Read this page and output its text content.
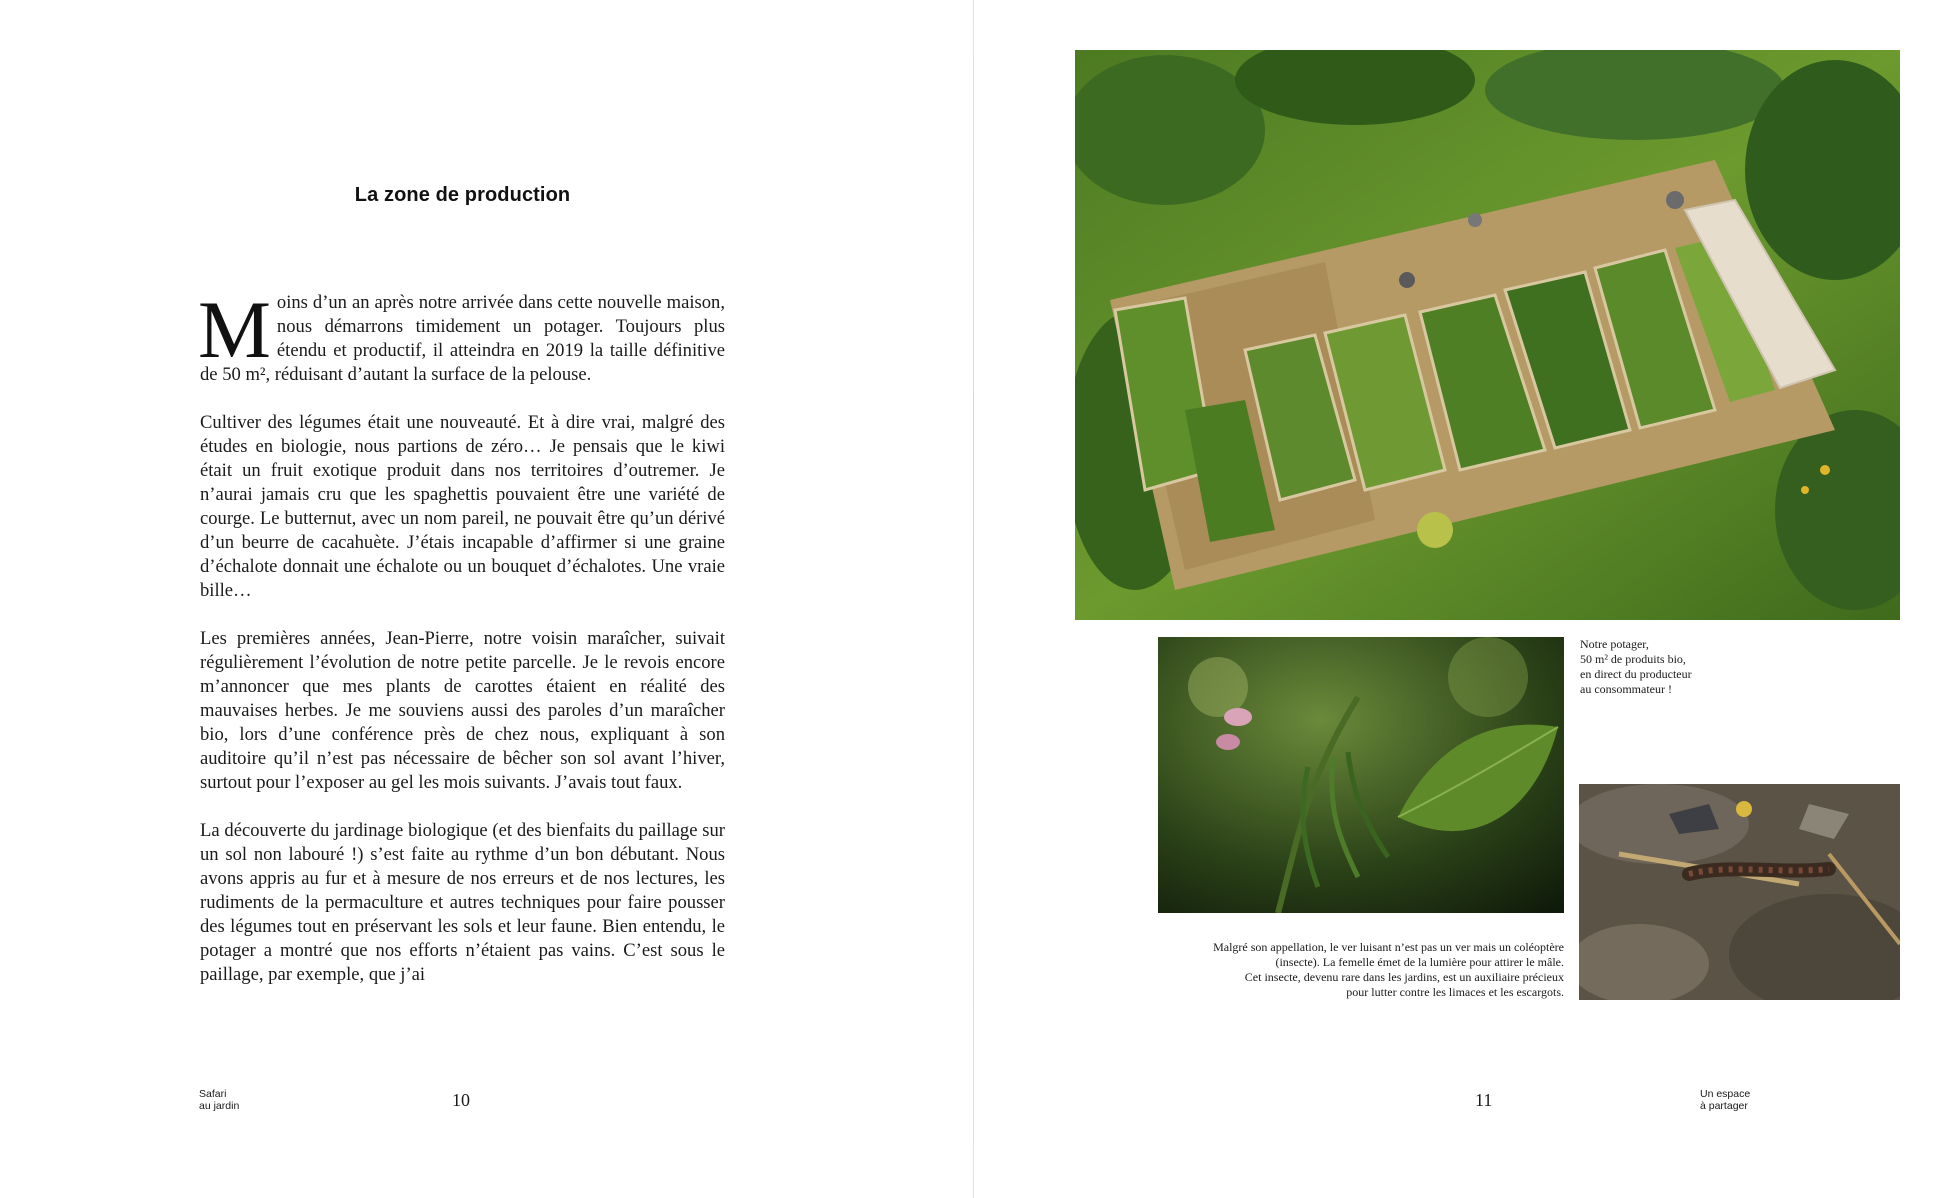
La zone de production

Moins d’un an après notre arrivée dans cette nouvelle maison, nous démarrons timidement un potager. Toujours plus étendu et productif, il atteindra en 2019 la taille définitive de 50 m², réduisant d’autant la surface de la pelouse.

Cultiver des légumes était une nouveauté. Et à dire vrai, malgré des études en biologie, nous partions de zéro… Je pensais que le kiwi était un fruit exotique produit dans nos territoires d’outremer. Je n’aurai jamais cru que les spaghettis pouvaient être une variété de courge. Le butternut, avec un nom pareil, ne pouvait être qu’un dérivé d’un beurre de cacahuète. J’étais incapable d’affirmer si une graine d’échalote donnait une échalote ou un bouquet d’échalotes. Une vraie bille…

Les premières années, Jean-Pierre, notre voisin maraîcher, suivait régulièrement l’évolution de notre petite parcelle. Je le revois encore m’annoncer que mes plants de carottes étaient en réalité des mauvaises herbes. Je me souviens aussi des paroles d’un maraîcher bio, lors d’une conférence près de chez nous, expliquant à son auditoire qu’il n’est pas nécessaire de bêcher son sol avant l’hiver, surtout pour l’exposer au gel les mois suivants. J’avais tout faux.

La découverte du jardinage biologique (et des bienfaits du paillage sur un sol non labouré !) s’est faite au rythme d’un bon débutant. Nous avons appris au fur et à mesure de nos erreurs et de nos lectures, les rudiments de la permaculture et autres techniques pour faire pousser des légumes tout en préservant les sols et leur faune. Bien entendu, le potager a montré que nos efforts n’étaient pas vains. C’est sous le paillage, par exemple, que j’ai

Safari
au jardin	10
Notre potager,
50 m² de produits bio,
en direct du producteur
au consommateur !
Malgré son appellation, le ver luisant n’est pas un ver mais un coléoptère
(insecte). La femelle émet de la lumière pour attirer le mâle.
Cet insecte, devenu rare dans les jardins, est un auxiliaire précieux
pour lutter contre les limaces et les escargots.
11	Un espace
à partager
